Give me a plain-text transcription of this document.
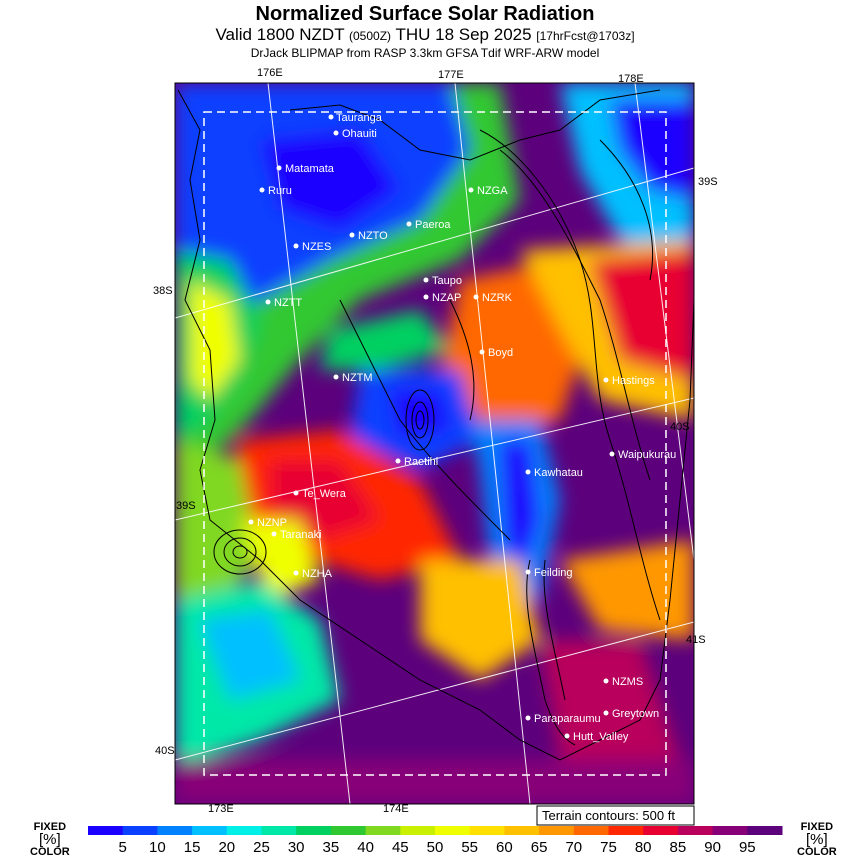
Normalized Surface Solar Radiation
Valid 1800 NZDT (0500Z) THU 18 Sep 2025 [17hrFcst@1703z]
DrJack BLIPMAP from RASP 3.3km GFSA Tdif WRF-ARW model
176E	177E	178E
173E	174E
38S
39S
40S
39S
40S
41S
Tauranga
Ohauiti
Matamata
Ruru	NZGA
Paeroa
NZES
NZTO
Taupo
NZAP NZRK
NZTT
Boyd
NZTM	Hastings
Raetihi
Waipukurau
Kawhatau
Te_Wera
Taranaki
NZNP
NZHA	Feilding
NZMS
Greytown
Paraparaumu
Hutt_Valley
Terrain contours: 500 ft
5 10 15 20 25 30 35 40 45 50 55 60 65 70 75 80 85 90 95
FIXED
[%]
COLOR
FIXED
[%]
COLOR
